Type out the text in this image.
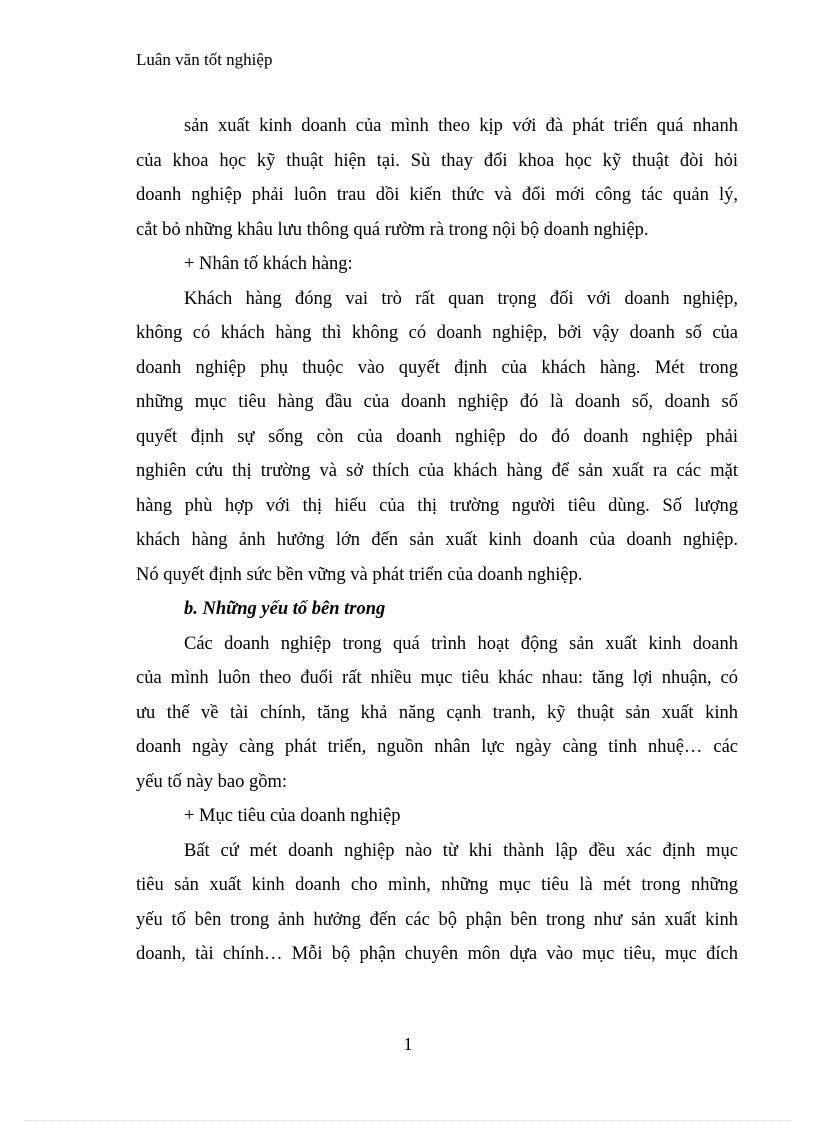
Luân văn tốt nghiệp
sản xuất kinh doanh của mình theo kịp với đà phát triển quá nhanh
của khoa học kỹ thuật hiện tại. Sù thay đổi khoa học kỹ thuật đòi hỏi
doanh nghiệp phải luôn trau dồi kiến thức và đổi mới công tác quản lý,
cắt bỏ những khâu lưu thông quá rườm rà trong nội bộ doanh nghiệp.
+ Nhân tố khách hàng:
Khách hàng đóng vai trò rất quan trọng đối với doanh nghiệp,
không có khách hàng thì không có doanh nghiệp, bởi vậy doanh số của
doanh nghiệp phụ thuộc vào quyết định của khách hàng. Mét trong
những mục tiêu hàng đầu của doanh nghiệp đó là doanh số, doanh số
quyết định sự sống còn của doanh nghiệp do đó doanh nghiệp phải
nghiên cứu thị trường và sở thích của khách hàng để sản xuất ra các mặt
hàng phù hợp với thị hiếu của thị trường người tiêu dùng. Số lượng
khách hàng ảnh hưởng lớn đến sản xuất kinh doanh của doanh nghiệp.
Nó quyết định sức bền vững và phát triển của doanh nghiệp.
b. Những yếu tố bên trong
Các doanh nghiệp trong quá trình hoạt động sản xuất kinh doanh
của mình luôn theo đuổi rất nhiều mục tiêu khác nhau: tăng lợi nhuận, có
ưu thế về tài chính, tăng khả năng cạnh tranh, kỹ thuật sản xuất kinh
doanh ngày càng phát triển, nguồn nhân lực ngày càng tinh nhuệ… các
yếu tố này bao gồm:
+ Mục tiêu của doanh nghiệp
Bất cứ mét doanh nghiệp nào từ khi thành lập đều xác định mục
tiêu sản xuất kinh doanh cho mình, những mục tiêu là mét trong những
yếu tố bên trong ảnh hưởng đến các bộ phận bên trong như sản xuất kinh
doanh, tài chính… Mỗi bộ phận chuyên môn dựa vào mục tiêu, mục đích
1
